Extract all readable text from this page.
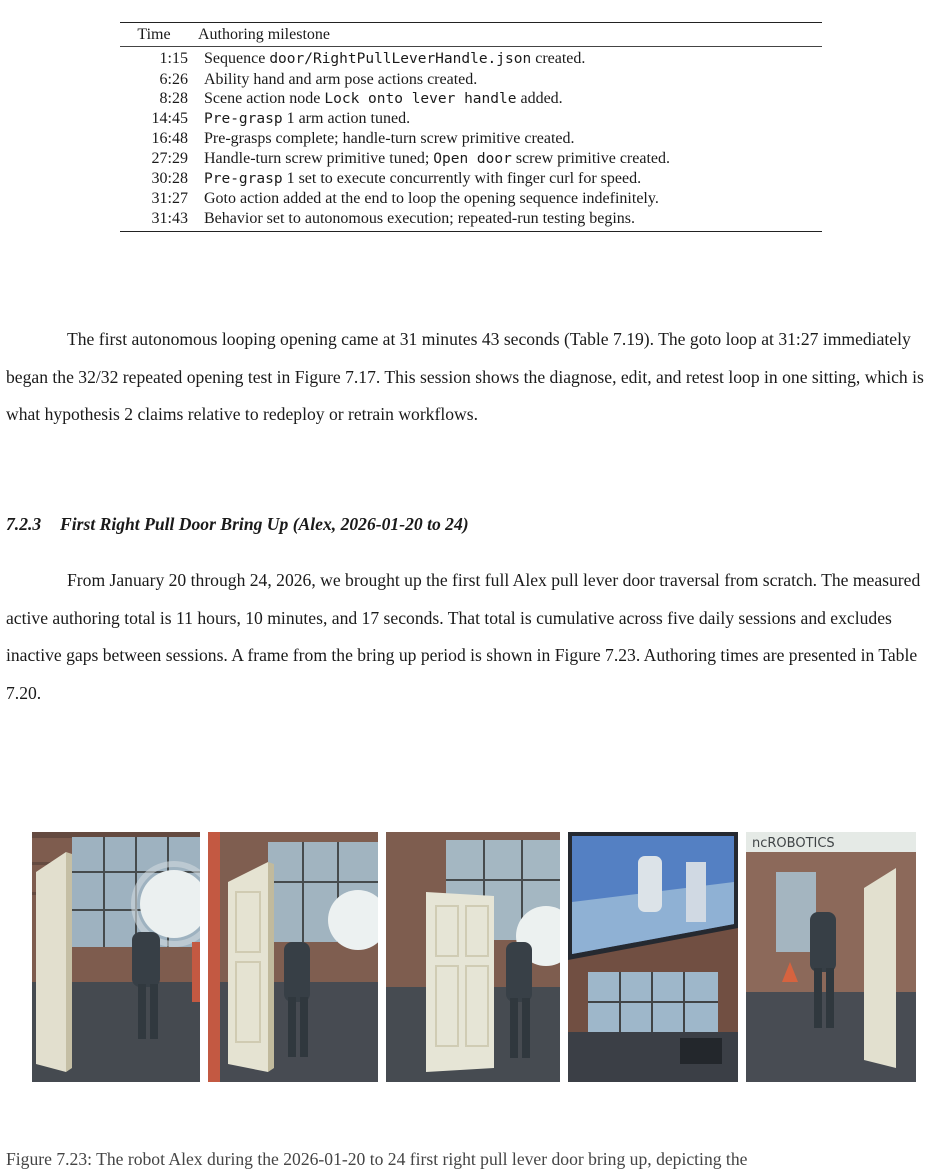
Time	Authoring milestone
1:15	Sequence door/RightPullLeverHandle.json created.
6:26	Ability hand and arm pose actions created.
8:28	Scene action node Lock onto lever handle added.
14:45	Pre-grasp 1 arm action tuned.
16:48	Pre-grasps complete; handle-turn screw primitive created.
27:29	Handle-turn screw primitive tuned; Open door screw primitive created.
30:28	Pre-grasp 1 set to execute concurrently with finger curl for speed.
31:27	Goto action added at the end to loop the opening sequence indefinitely.
31:43	Behavior set to autonomous execution; repeated-run testing begins.

The first autonomous looping opening came at 31 minutes 43 seconds (Table 7.19). The goto loop at 31:27 immediately began the 32/32 repeated opening test in Figure 7.17. This session shows the diagnose, edit, and retest loop in one sitting, which is what hypothesis 2 claims relative to redeploy or retrain workflows.

7.2.3 First Right Pull Door Bring Up (Alex, 2026-01-20 to 24)

From January 20 through 24, 2026, we brought up the first full Alex pull lever door traversal from scratch. The measured active authoring total is 11 hours, 10 minutes, and 17 seconds. That total is cumulative across five daily sessions and excludes inactive gaps between sessions. A frame from the bring up period is shown in Figure 7.23. Authoring times are presented in Table 7.20.

ncROBOTICS

Figure 7.23: The robot Alex during the 2026-01-20 to 24 first right pull lever door bring up, depicting the
